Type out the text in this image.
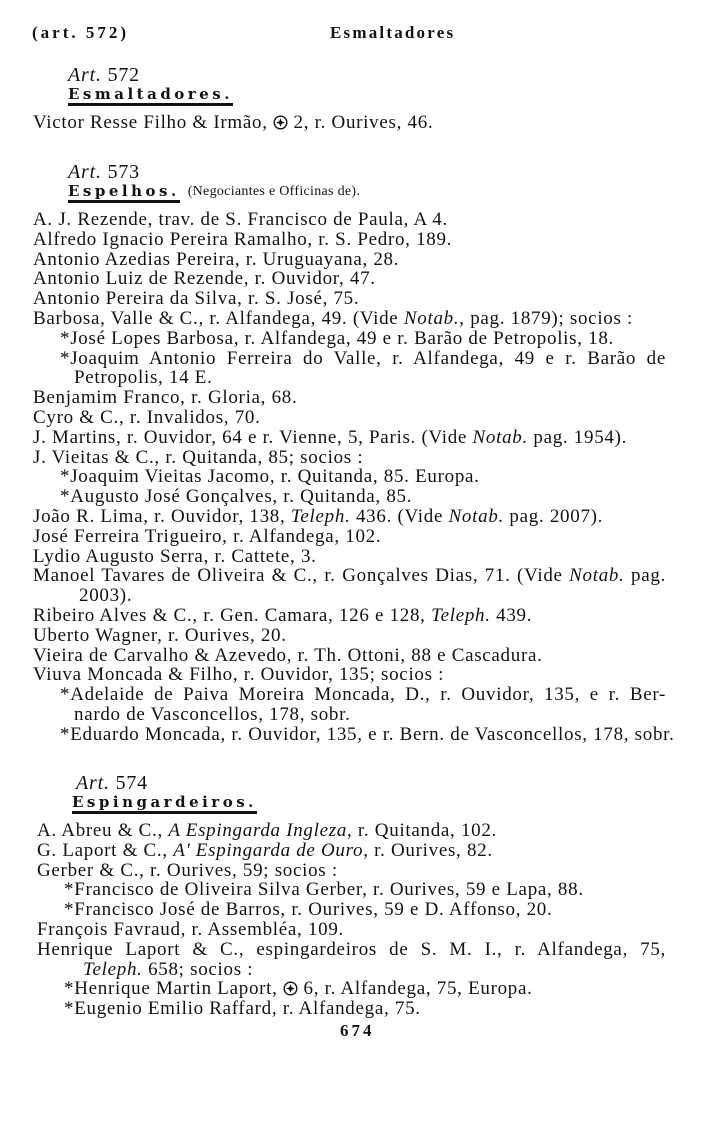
(art. 572)	Esmaltadores
Art. 572
Esmaltadores.
Victor Resse Filho & Irmão,
2, r. Ourives, 46.
Art. 573
Espelhos. (Negociantes e Officinas de).
A. J. Rezende, trav. de S. Francisco de Paula, A 4.
Alfredo Ignacio Pereira Ramalho, r. S. Pedro, 189.
Antonio Azedias Pereira, r. Uruguayana, 28.
Antonio Luiz de Rezende, r. Ouvidor, 47.
Antonio Pereira da Silva, r. S. José, 75.
Barbosa, Valle & C., r. Alfandega, 49. (Vide Notab., pag. 1879); socios :
*José Lopes Barbosa, r. Alfandega, 49 e r. Barão de Petropolis, 18.
*Joaquim Antonio Ferreira do Valle, r. Alfandega, 49 e r. Barão de
Petropolis, 14 E.
Benjamim Franco, r. Gloria, 68.
Cyro & C., r. Invalidos, 70.
J. Martins, r. Ouvidor, 64 e r. Vienne, 5, Paris. (Vide Notab. pag. 1954).
J. Vieitas & C., r. Quitanda, 85; socios :
*Joaquim Vieitas Jacomo, r. Quitanda, 85. Europa.
*Augusto José Gonçalves, r. Quitanda, 85.
João R. Lima, r. Ouvidor, 138, Teleph. 436. (Vide Notab. pag. 2007).
José Ferreira Trigueiro, r. Alfandega, 102.
Lydio Augusto Serra, r. Cattete, 3.
Manoel Tavares de Oliveira & C., r. Gonçalves Dias, 71. (Vide Notab. pag.
2003).
Ribeiro Alves & C., r. Gen. Camara, 126 e 128, Teleph. 439.
Uberto Wagner, r. Ourives, 20.
Vieira de Carvalho & Azevedo, r. Th. Ottoni, 88 e Cascadura.
Viuva Moncada & Filho, r. Ouvidor, 135; socios :
*Adelaide de Paiva Moreira Moncada, D., r. Ouvidor, 135, e r. Ber-
nardo de Vasconcellos, 178, sobr.
*Eduardo Moncada, r. Ouvidor, 135, e r. Bern. de Vasconcellos, 178, sobr.
Art. 574
Espingardeiros.
A. Abreu & C., A Espingarda Ingleza, r. Quitanda, 102.
G. Laport & C., A' Espingarda de Ouro, r. Ourives, 82.
Gerber & C., r. Ourives, 59; socios :
*Francisco de Oliveira Silva Gerber, r. Ourives, 59 e Lapa, 88.
*Francisco José de Barros, r. Ourives, 59 e D. Affonso, 20.
François Favraud, r. Assembléa, 109.
Henrique Laport & C., espingardeiros de S. M. I., r. Alfandega, 75,
Teleph. 658; socios :
*Henrique Martin Laport,
6, r. Alfandega, 75, Europa.
*Eugenio Emilio Raffard, r. Alfandega, 75.
674
